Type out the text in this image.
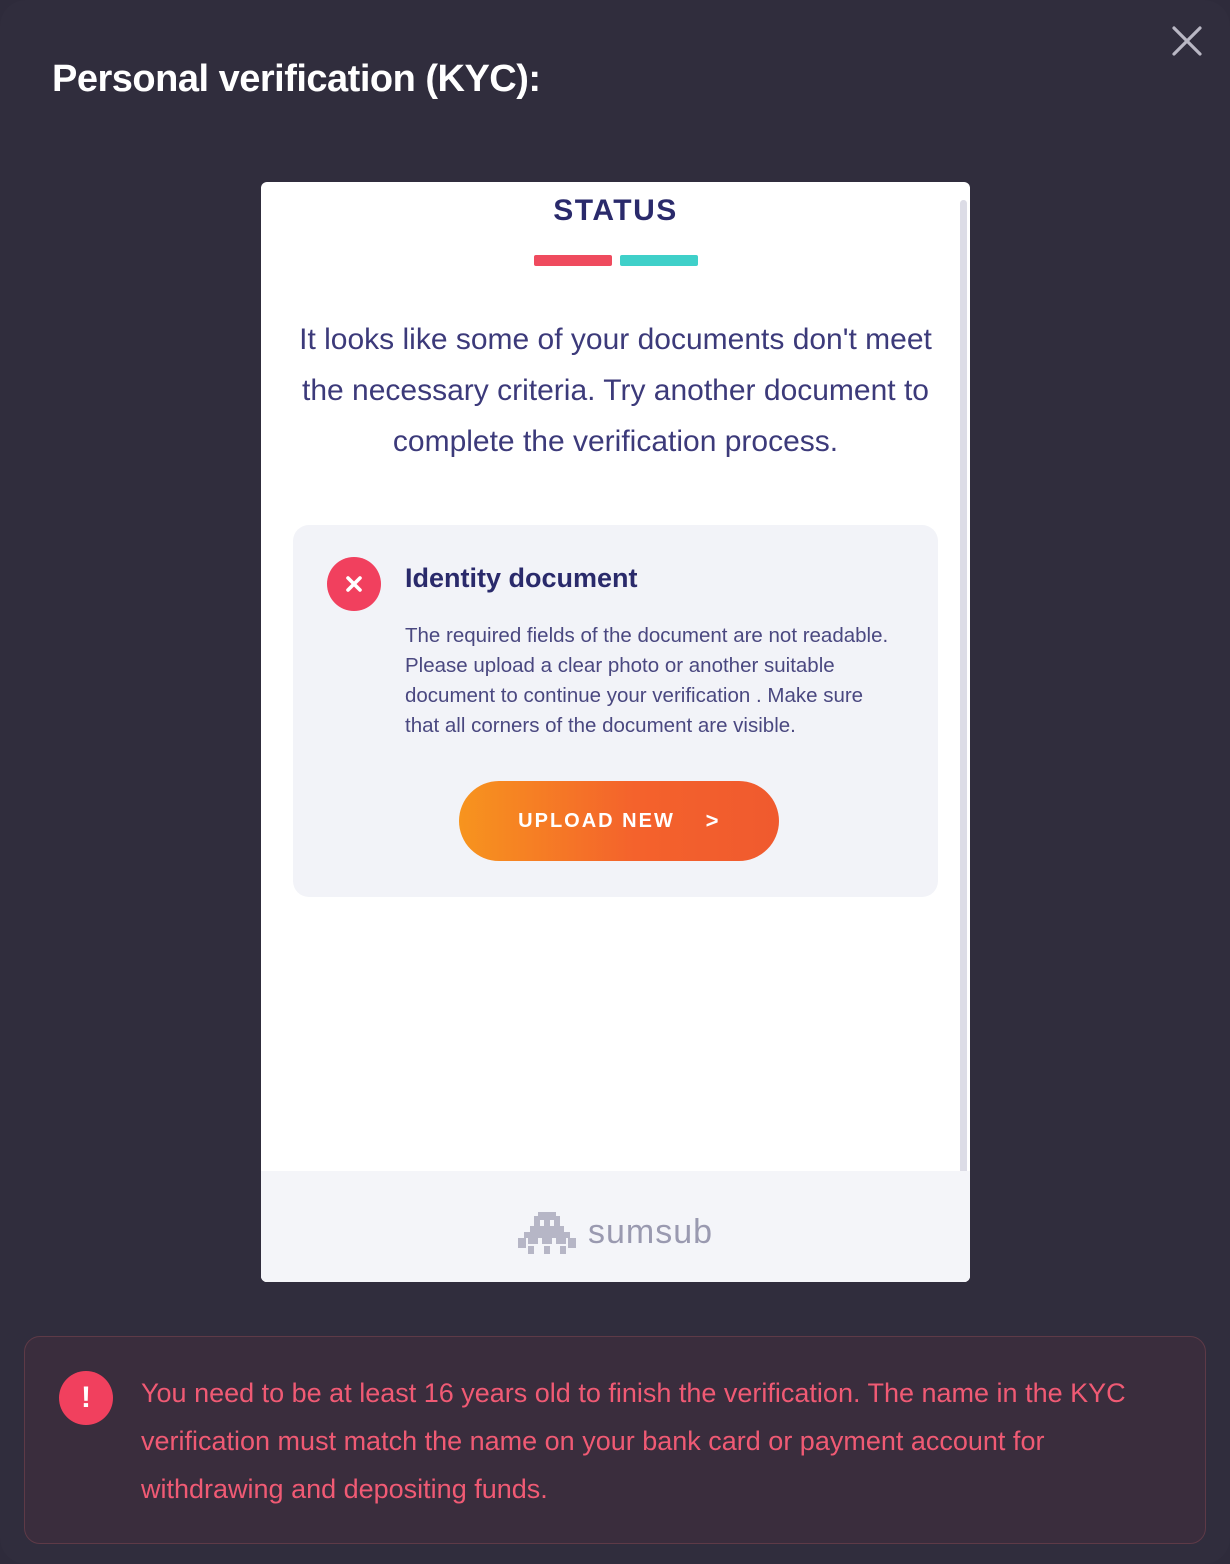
Personal verification (KYC):
STATUS
It looks like some of your documents don't meet the necessary criteria. Try another document to complete the verification process.
Identity document
The required fields of the document are not readable. Please upload a clear photo or another suitable document to continue your verification . Make sure that all corners of the document are visible.
UPLOAD NEW >
sumsub
!	You need to be at least 16 years old to finish the verification. The name in the KYC verification must match the name on your bank card or payment account for withdrawing and depositing funds.
